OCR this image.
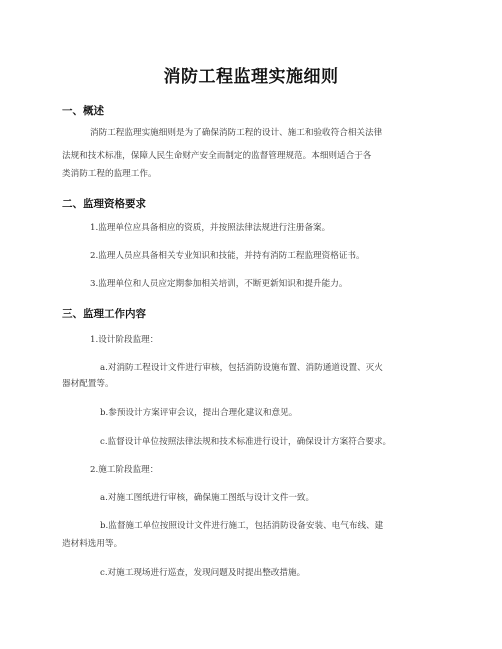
消防工程监理实施细则
一、概述
消防工程监理实施细则是为了确保消防工程的设计、施工和验收符合相关法律
法规和技术标准，保障人民生命财产安全而制定的监督管理规范。本细则适合于各
类消防工程的监理工作。
二、监理资格要求
1.监理单位应具备相应的资质，并按照法律法规进行注册备案。
2.监理人员应具备相关专业知识和技能，并持有消防工程监理资格证书。
3.监理单位和人员应定期参加相关培训，不断更新知识和提升能力。
三、监理工作内容
1.设计阶段监理：
a.对消防工程设计文件进行审核，包括消防设施布置、消防通道设置、灭火
器材配置等。
b.参预设计方案评审会议，提出合理化建议和意见。
c.监督设计单位按照法律法规和技术标准进行设计，确保设计方案符合要求。
2.施工阶段监理：
a.对施工图纸进行审核，确保施工图纸与设计文件一致。
b.监督施工单位按照设计文件进行施工，包括消防设备安装、电气布线、建
造材料选用等。
c.对施工现场进行巡查，发现问题及时提出整改措施。
